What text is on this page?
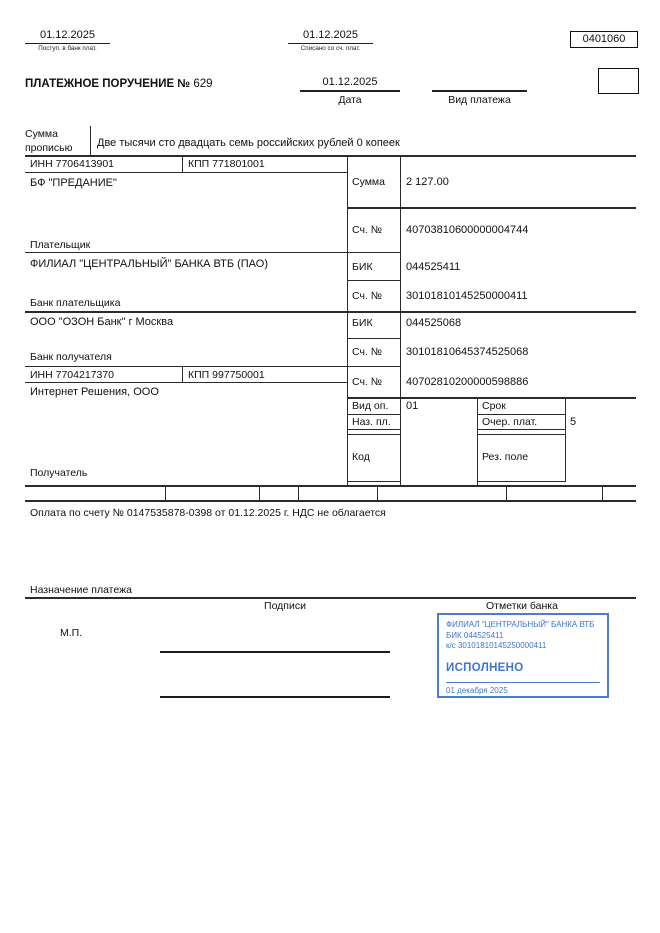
01.12.2025
Поступ. в банк плат.
01.12.2025
Списано со сч. плат.
0401060
ПЛАТЕЖНОЕ ПОРУЧЕНИЕ № 629	01.12.2025
Дата	Вид платежа
Сумма прописью	Две тысячи сто двадцать семь российских рублей 0 копеек
ИНН 7706413901	КПП 771801001
БФ "ПРЕДАНИЕ"
Плательщик
Сумма 2 127.00
Сч. № 40703810600000004744
ФИЛИАЛ "ЦЕНТРАЛЬНЫЙ" БАНКА ВТБ (ПАО)
Банк плательщика
БИК	044525411
Сч. № 30101810145250000411
ООО "ОЗОН Банк" г Москва
Банк получателя
БИК	044525068
Сч. № 30101810645374525068
ИНН 7704217370	КПП 997750001
Интернет Решения, ООО
Получатель
Сч. № 40702810200000598886
Вид оп. 01	Срок
Наз. пл.	Очер. плат.	5
Код	Рез. поле
Оплата по счету № 0147535878-0398 от 01.12.2025 г. НДС не облагается
Назначение платежа
Подписи	Отметки банка
М.П.
ФИЛИАЛ "ЦЕНТРАЛЬНЫЙ" БАНКА ВТБ
БИК 044525411
к/с 30101810145250000411
ИСПОЛНЕНО
01 декабря 2025
